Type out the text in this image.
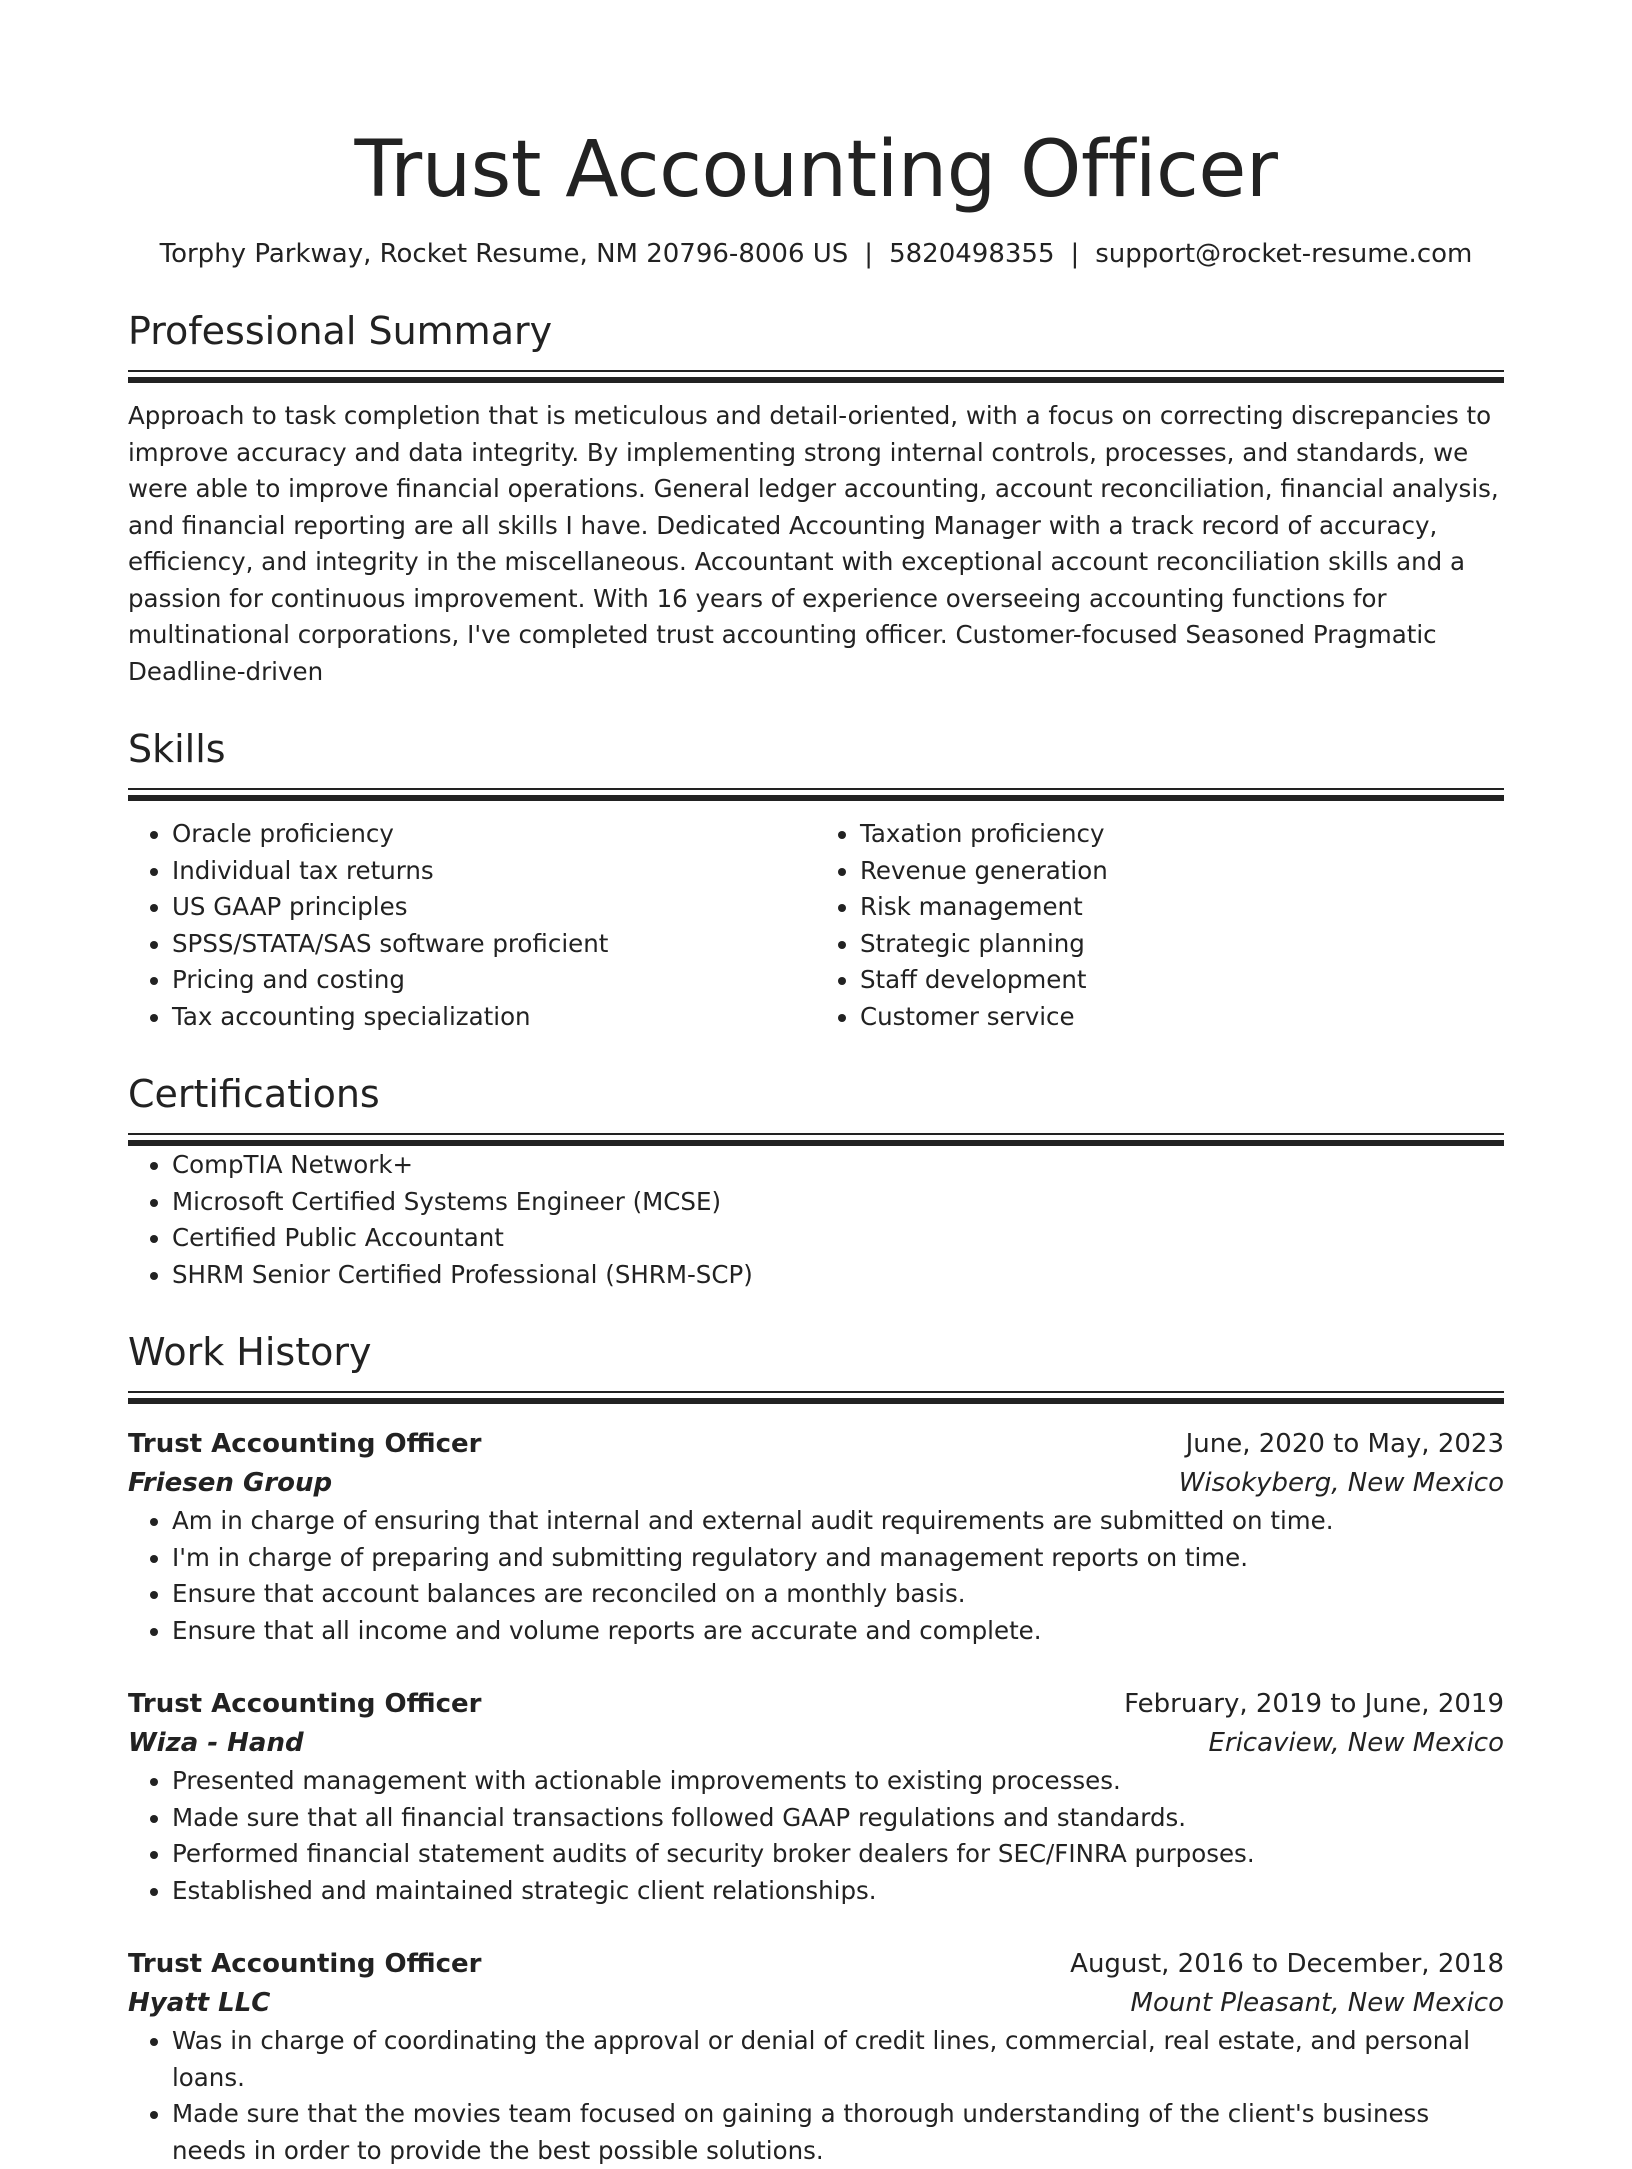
Trust Accounting Officer
Torphy Parkway, Rocket Resume, NM 20796-8006 US | 5820498355 | support@rocket-resume.com
Professional Summary

Approach to task completion that is meticulous and detail-oriented, with a focus on correcting discrepancies to improve accuracy and data integrity. By implementing strong internal controls, processes, and standards, we were able to improve financial operations. General ledger accounting, account reconciliation, financial analysis, and financial reporting are all skills I have. Dedicated Accounting Manager with a track record of accuracy, efficiency, and integrity in the miscellaneous. Accountant with exceptional account reconciliation skills and a passion for continuous improvement. With 16 years of experience overseeing accounting functions for multinational corporations, I've completed trust accounting officer. Customer-focused Seasoned Pragmatic Deadline-driven

Skills
• Oracle proficiency
• Individual tax returns
• US GAAP principles
• SPSS/STATA/SAS software proficient
• Pricing and costing
• Tax accounting specialization
• Taxation proficiency
• Revenue generation
• Risk management
• Strategic planning
• Staff development
• Customer service
Certifications
• CompTIA Network+
• Microsoft Certified Systems Engineer (MCSE)
• Certified Public Accountant
• SHRM Senior Certified Professional (SHRM-SCP)
Work History
Trust Accounting Officer	June, 2020 to May, 2023
Friesen Group	Wisokyberg, New Mexico
• Am in charge of ensuring that internal and external audit requirements are submitted on time.
• I'm in charge of preparing and submitting regulatory and management reports on time.
• Ensure that account balances are reconciled on a monthly basis.
• Ensure that all income and volume reports are accurate and complete.
Trust Accounting Officer	February, 2019 to June, 2019
Wiza - Hand	Ericaview, New Mexico
• Presented management with actionable improvements to existing processes.
• Made sure that all financial transactions followed GAAP regulations and standards.
• Performed financial statement audits of security broker dealers for SEC/FINRA purposes.
• Established and maintained strategic client relationships.
Trust Accounting Officer	August, 2016 to December, 2018
Hyatt LLC	Mount Pleasant, New Mexico
• Was in charge of coordinating the approval or denial of credit lines, commercial, real estate, and personal loans.
• Made sure that the movies team focused on gaining a thorough understanding of the client's business needs in order to provide the best possible solutions.
